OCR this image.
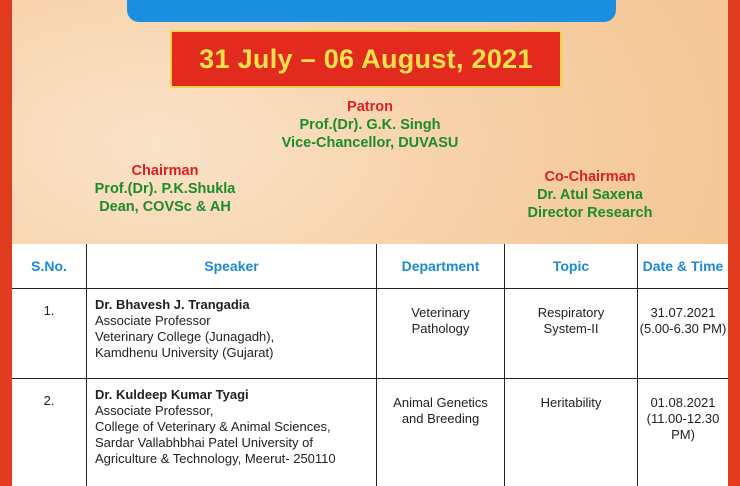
31 July – 06 August, 2021
Patron
Prof.(Dr). G.K. Singh
Vice-Chancellor, DUVASU
Chairman
Prof.(Dr). P.K.Shukla
Dean, COVSc & AH
Co-Chairman
Dr. Atul Saxena
Director Research
S.No.	Speaker	Department	Topic	Date & Time
1.	Dr. Bhavesh J. Trangadia
Associate Professor
Veterinary College (Junagadh),
Kamdhenu University (Gujarat)	Veterinary
Pathology	Respiratory
System-II	31.07.2021
(5.00-6.30 PM)

2.	Dr. Kuldeep Kumar Tyagi
Associate Professor,
College of Veterinary & Animal Sciences,
Sardar Vallabhbhai Patel University of
Agriculture & Technology, Meerut- 250110	Animal Genetics
and Breeding	Heritability	01.08.2021
(11.00-12.30 PM)
